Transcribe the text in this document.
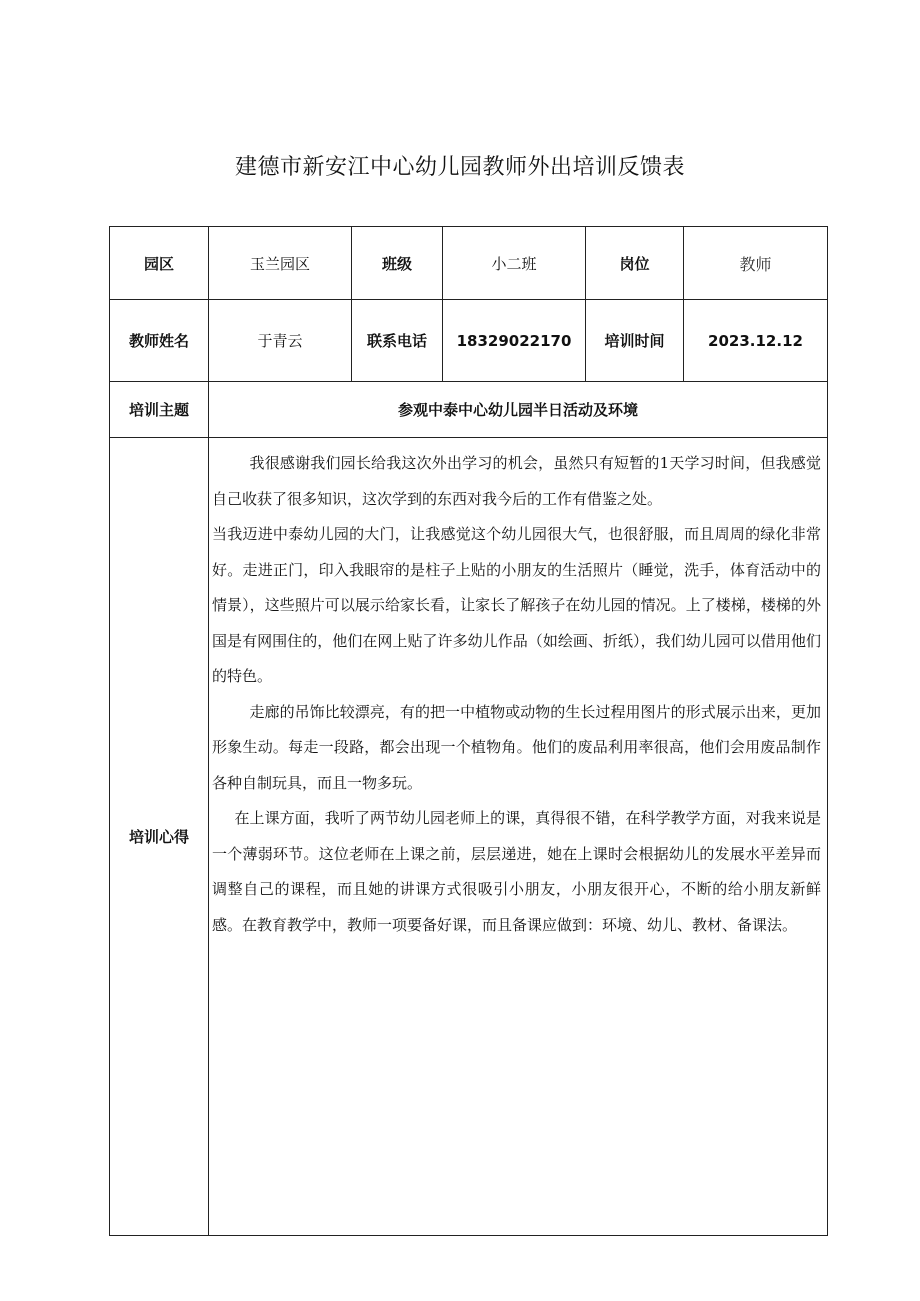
建德市新安江中心幼儿园教师外出培训反馈表
园区	玉兰园区	班级	小二班	岗位	教师
教师姓名	于青云	联系电话	18329022170	培训时间	2023.12.12
培训主题	参观中泰中心幼儿园半日活动及环境				
培训心得	我很感谢我们园长给我这次外出学习的机会，虽然只有短暂的1天学习时间，但我感觉自己收获了很多知识，这次学到的东西对我今后的工作有借鉴之处。

当我迈进中泰幼儿园的大门，让我感觉这个幼儿园很大气，也很舒服，而且周周的绿化非常好。走进正门，印入我眼帘的是柱子上贴的小朋友的生活照片（睡觉，洗手，体育活动中的情景），这些照片可以展示给家长看，让家长了解孩子在幼儿园的情况。上了楼梯，楼梯的外国是有网围住的，他们在网上贴了许多幼儿作品（如绘画、折纸），我们幼儿园可以借用他们的特色。

走廊的吊饰比较漂亮，有的把一中植物或动物的生长过程用图片的形式展示出来，更加形象生动。每走一段路，都会出现一个植物角。他们的废品利用率很高，他们会用废品制作各种自制玩具，而且一物多玩。

在上课方面，我听了两节幼儿园老师上的课，真得很不错，在科学教学方面，对我来说是一个薄弱环节。这位老师在上课之前，层层递进，她在上课时会根据幼儿的发展水平差异而调整自己的课程，而且她的讲课方式很吸引小朋友，小朋友很开心，不断的给小朋友新鲜感。在教育教学中，教师一项要备好课，而且备课应做到：环境、幼儿、教材、备课法。				
